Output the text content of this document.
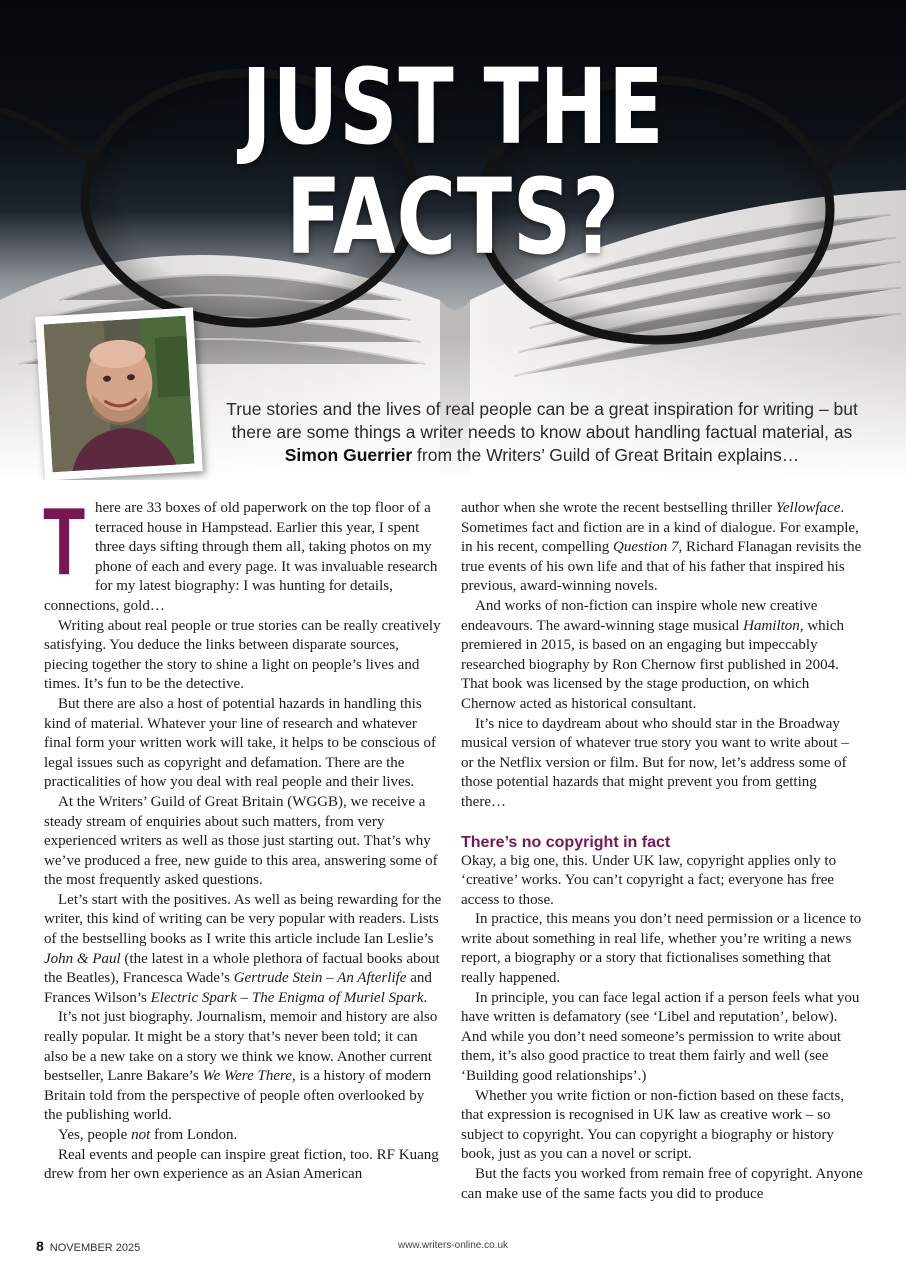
JUST THE FACTS?
True stories and the lives of real people can be a great inspiration for writing – but there are some things a writer needs to know about handling factual material, as Simon Guerrier from the Writers’ Guild of Great Britain explains…

There are 33 boxes of old paperwork on the top floor of a terraced house in Hampstead. Earlier this year, I spent three days sifting through them all, taking photos on my phone of each and every page. It was invaluable research for my latest biography: I was hunting for details, connections, gold…

Writing about real people or true stories can be really creatively satisfying. You deduce the links between disparate sources, piecing together the story to shine a light on people’s lives and times. It’s fun to be the detective.

But there are also a host of potential hazards in handling this kind of material. Whatever your line of research and whatever final form your written work will take, it helps to be conscious of legal issues such as copyright and defamation. There are the practicalities of how you deal with real people and their lives.

At the Writers’ Guild of Great Britain (WGGB), we receive a steady stream of enquiries about such matters, from very experienced writers as well as those just starting out. That’s why we’ve produced a free, new guide to this area, answering some of the most frequently asked questions.

Let’s start with the positives. As well as being rewarding for the writer, this kind of writing can be very popular with readers. Lists of the bestselling books as I write this article include Ian Leslie’s John & Paul (the latest in a whole plethora of factual books about the Beatles), Francesca Wade’s Gertrude Stein – An Afterlife and Frances Wilson’s Electric Spark – The Enigma of Muriel Spark.

It’s not just biography. Journalism, memoir and history are also really popular. It might be a story that’s never been told; it can also be a new take on a story we think we know. Another current bestseller, Lanre Bakare’s We Were There, is a history of modern Britain told from the perspective of people often overlooked by the publishing world.

Yes, people not from London.

Real events and people can inspire great fiction, too. RF Kuang drew from her own experience as an Asian American

author when she wrote the recent bestselling thriller Yellowface. Sometimes fact and fiction are in a kind of dialogue. For example, in his recent, compelling Question 7, Richard Flanagan revisits the true events of his own life and that of his father that inspired his previous, award-winning novels.

And works of non-fiction can inspire whole new creative endeavours. The award-winning stage musical Hamilton, which premiered in 2015, is based on an engaging but impeccably researched biography by Ron Chernow first published in 2004. That book was licensed by the stage production, on which Chernow acted as historical consultant.

It’s nice to daydream about who should star in the Broadway musical version of whatever true story you want to write about – or the Netflix version or film. But for now, let’s address some of those potential hazards that might prevent you from getting there…

There’s no copyright in fact

Okay, a big one, this. Under UK law, copyright applies only to ‘creative’ works. You can’t copyright a fact; everyone has free access to those.

In practice, this means you don’t need permission or a licence to write about something in real life, whether you’re writing a news report, a biography or a story that fictionalises something that really happened.

In principle, you can face legal action if a person feels what you have written is defamatory (see ‘Libel and reputation’, below). And while you don’t need someone’s permission to write about them, it’s also good practice to treat them fairly and well (see ‘Building good relationships’.)

Whether you write fiction or non-fiction based on these facts, that expression is recognised in UK law as creative work – so subject to copyright. You can copyright a biography or history book, just as you can a novel or script.

But the facts you worked from remain free of copyright. Anyone can make use of the same facts you did to produce

8 NOVEMBER 2025	www.writers-online.co.uk
